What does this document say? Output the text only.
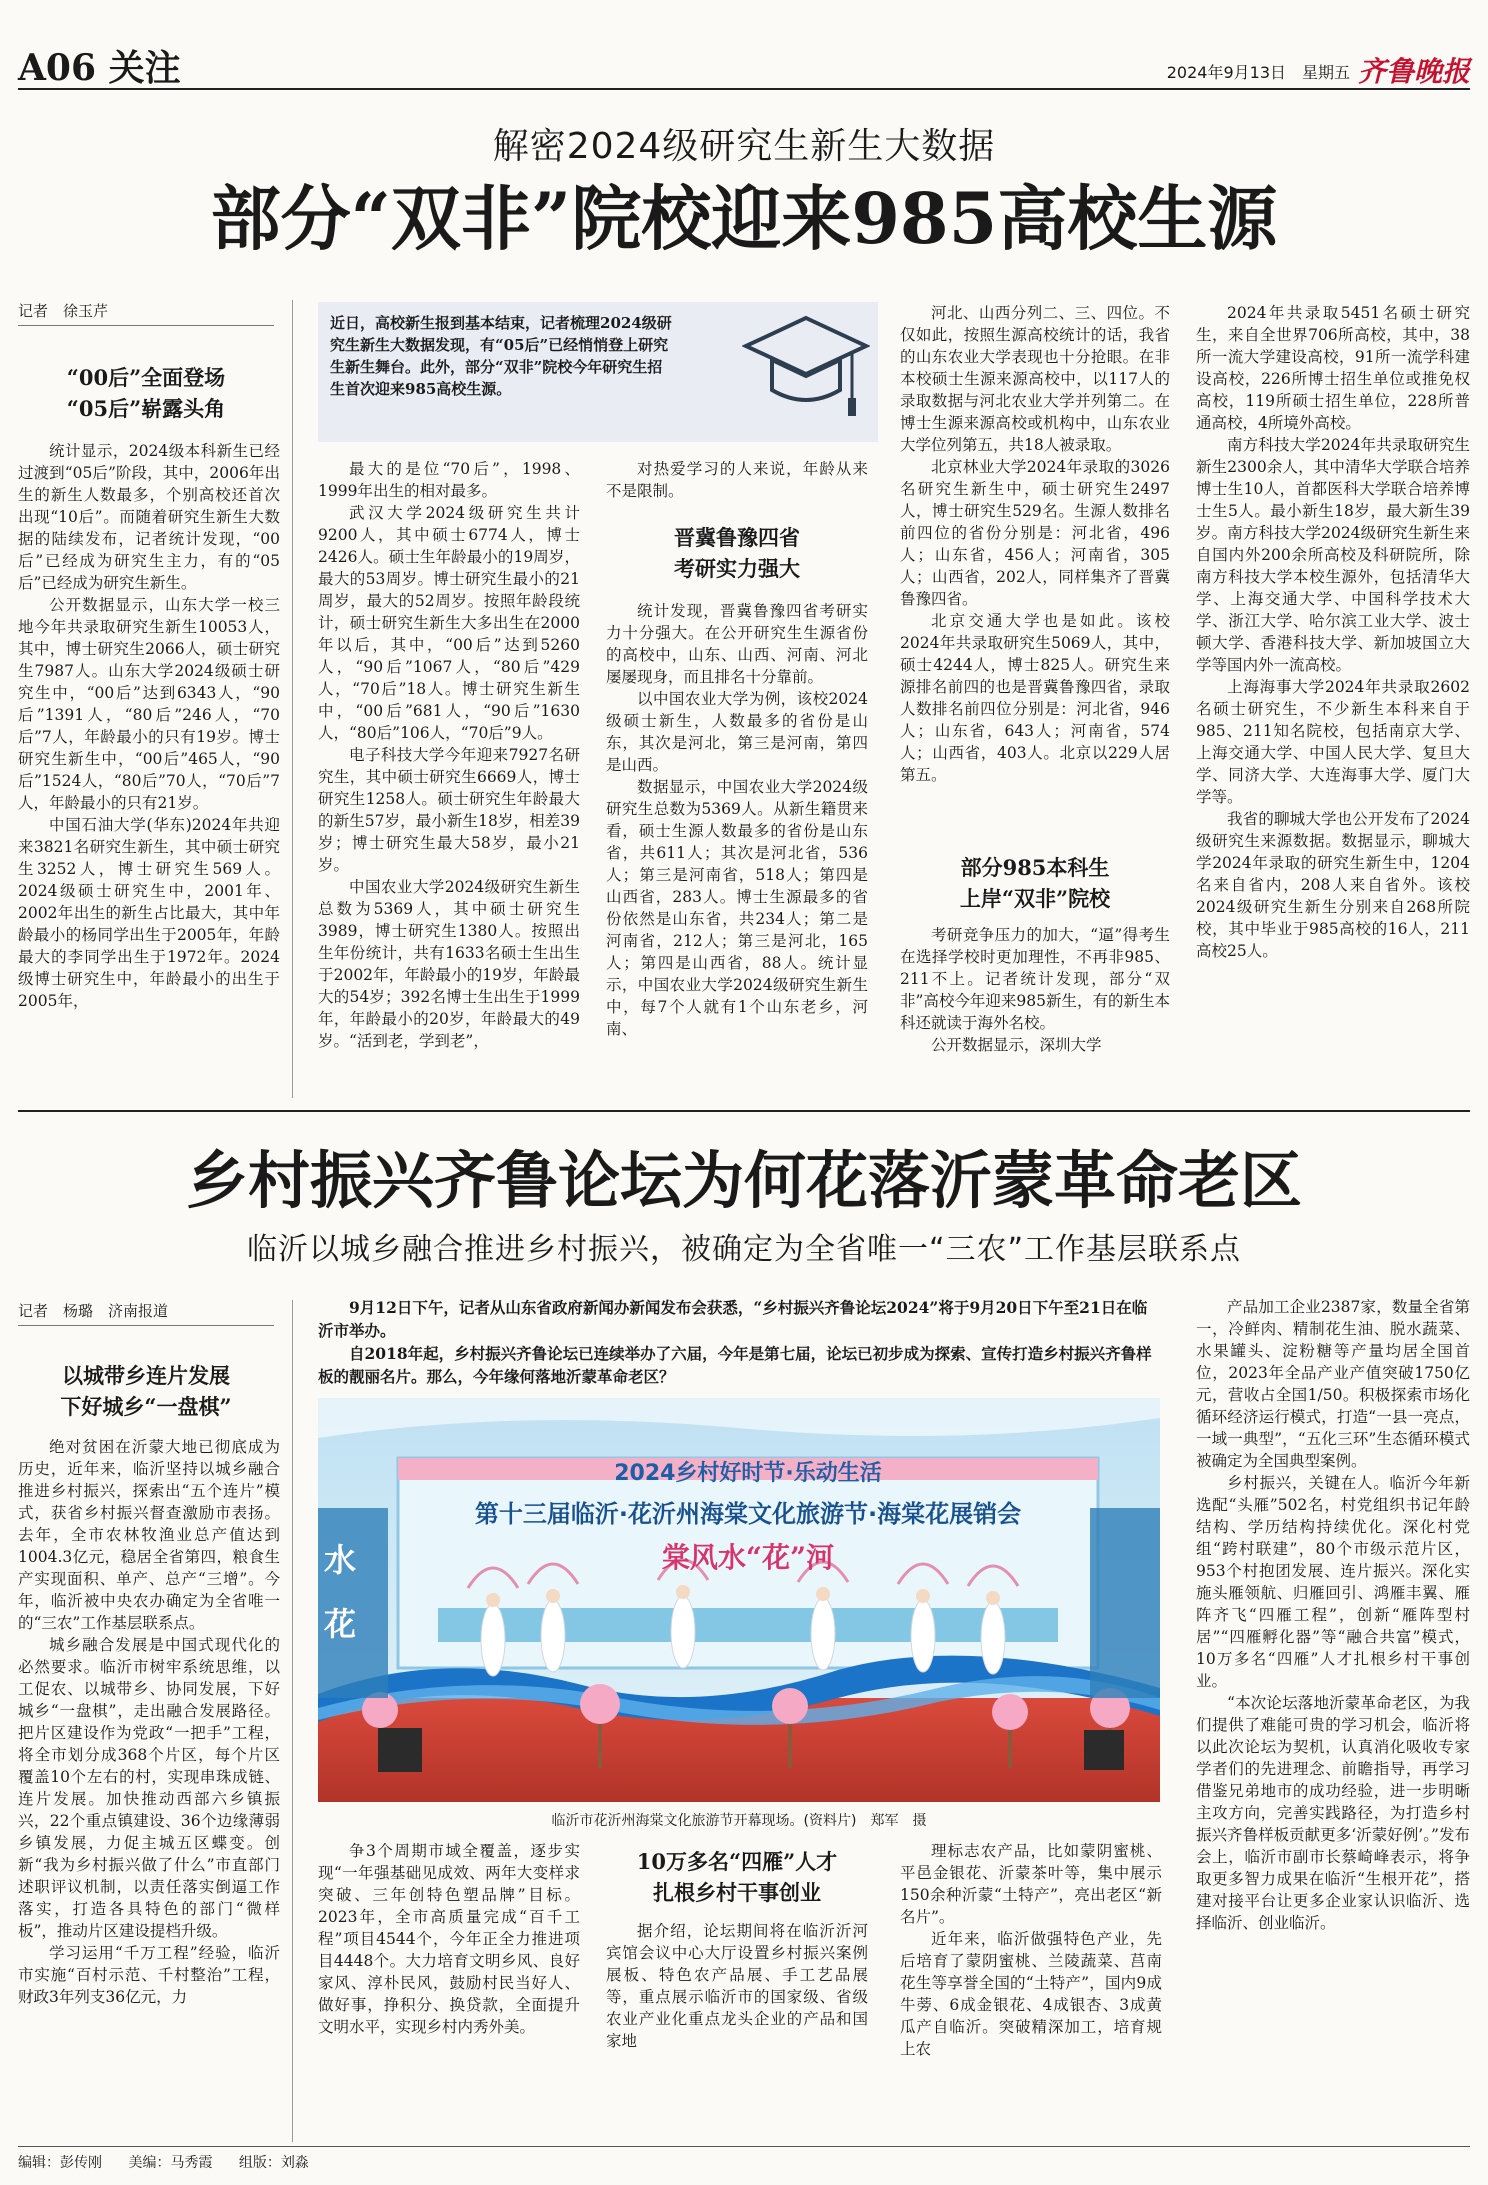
A06 关注	2024年9月13日　星期五 齐鲁晚报
解密2024级研究生新生大数据
部分“双非”院校迎来985高校生源
记者　徐玉芹
近日，高校新生报到基本结束，记者梳理2024级研究生新生大数据发现，有“05后”已经悄悄登上研究生新生舞台。此外，部分“双非”院校今年研究生招生首次迎来985高校生源。
“00后”全面登场
“05后”崭露头角

统计显示，2024级本科新生已经过渡到“05后”阶段，其中，2006年出生的新生人数最多，个别高校还首次出现“10后”。而随着研究生新生大数据的陆续发布，记者统计发现，“00后”已经成为研究生主力，有的“05后”已经成为研究生新生。

公开数据显示，山东大学一校三地今年共录取研究生新生10053人，其中，博士研究生2066人，硕士研究生7987人。山东大学2024级硕士研究生中，“00后”达到6343人，“90后”1391人，“80后”246人，“70后”7人，年龄最小的只有19岁。博士研究生新生中，“00后”465人，“90后”1524人，“80后”70人，“70后”7人，年龄最小的只有21岁。

中国石油大学(华东)2024年共迎来3821名研究生新生，其中硕士研究生3252人，博士研究生569人。2024级硕士研究生中，2001年、2002年出生的新生占比最大，其中年龄最小的杨同学出生于2005年，年龄最大的李同学出生于1972年。2024级博士研究生中，年龄最小的出生于2005年，

最大的是位“70后”，1998、1999年出生的相对最多。

武汉大学2024级研究生共计9200人，其中硕士6774人，博士2426人。硕士生年龄最小的19周岁，最大的53周岁。博士研究生最小的21周岁，最大的52周岁。按照年龄段统计，硕士研究生新生大多出生在2000年以后，其中，“00后”达到5260人，“90后”1067人，“80后”429人，“70后”18人。博士研究生新生中，“00后”681人，“90后”1630人，“80后”106人，“70后”9人。

电子科技大学今年迎来7927名研究生，其中硕士研究生6669人，博士研究生1258人。硕士研究生年龄最大的新生57岁，最小新生18岁，相差39岁；博士研究生最大58岁，最小21岁。

中国农业大学2024级研究生新生总数为5369人，其中硕士研究生3989，博士研究生1380人。按照出生年份统计，共有1633名硕士生出生于2002年，年龄最小的19岁，年龄最大的54岁；392名博士生出生于1999年，年龄最小的20岁，年龄最大的49岁。“活到老，学到老”，

对热爱学习的人来说，年龄从来不是限制。

晋冀鲁豫四省
考研实力强大

统计发现，晋冀鲁豫四省考研实力十分强大。在公开研究生生源省份的高校中，山东、山西、河南、河北屡屡现身，而且排名十分靠前。

以中国农业大学为例，该校2024级硕士新生，人数最多的省份是山东，其次是河北，第三是河南，第四是山西。

数据显示，中国农业大学2024级研究生总数为5369人。从新生籍贯来看，硕士生源人数最多的省份是山东省，共611人；其次是河北省，536人；第三是河南省，518人；第四是山西省，283人。博士生源最多的省份依然是山东省，共234人；第二是河南省，212人；第三是河北，165人；第四是山西省，88人。统计显示，中国农业大学2024级研究生新生中，每7个人就有1个山东老乡，河南、

河北、山西分列二、三、四位。不仅如此，按照生源高校统计的话，我省的山东农业大学表现也十分抢眼。在非本校硕士生源来源高校中，以117人的录取数据与河北农业大学并列第二。在博士生源来源高校或机构中，山东农业大学位列第五，共18人被录取。

北京林业大学2024年录取的3026名研究生新生中，硕士研究生2497人，博士研究生529名。生源人数排名前四位的省份分别是：河北省，496人；山东省，456人；河南省，305人；山西省，202人，同样集齐了晋冀鲁豫四省。

北京交通大学也是如此。该校2024年共录取研究生5069人，其中，硕士4244人，博士825人。研究生来源排名前四的也是晋冀鲁豫四省，录取人数排名前四位分别是：河北省，946人；山东省，643人；河南省，574人；山西省，403人。北京以229人居第五。

部分985本科生
上岸“双非”院校

考研竞争压力的加大，“逼”得考生在选择学校时更加理性，不再非985、211不上。记者统计发现，部分“双非”高校今年迎来985新生，有的新生本科还就读于海外名校。

公开数据显示，深圳大学

2024年共录取5451名硕士研究生，来自全世界706所高校，其中，38所一流大学建设高校，91所一流学科建设高校，226所博士招生单位或推免权高校，119所硕士招生单位，228所普通高校，4所境外高校。

南方科技大学2024年共录取研究生新生2300余人，其中清华大学联合培养博士生10人，首都医科大学联合培养博士生5人。最小新生18岁，最大新生39岁。南方科技大学2024级研究生新生来自国内外200余所高校及科研院所，除南方科技大学本校生源外，包括清华大学、上海交通大学、中国科学技术大学、浙江大学、哈尔滨工业大学、波士顿大学、香港科技大学、新加坡国立大学等国内外一流高校。

上海海事大学2024年共录取2602名硕士研究生，不少新生本科来自于985、211知名院校，包括南京大学、上海交通大学、中国人民大学、复旦大学、同济大学、大连海事大学、厦门大学等。

我省的聊城大学也公开发布了2024级研究生来源数据。数据显示，聊城大学2024年录取的研究生新生中，1204名来自省内，208人来自省外。该校2024级研究生新生分别来自268所院校，其中毕业于985高校的16人，211高校25人。

乡村振兴齐鲁论坛为何花落沂蒙革命老区
临沂以城乡融合推进乡村振兴，被确定为全省唯一“三农”工作基层联系点
记者　杨璐　济南报道
以城带乡连片发展
下好城乡“一盘棋”

绝对贫困在沂蒙大地已彻底成为历史，近年来，临沂坚持以城乡融合推进乡村振兴，探索出“五个连片”模式，获省乡村振兴督查激励市表扬。去年，全市农林牧渔业总产值达到1004.3亿元，稳居全省第四，粮食生产实现面积、单产、总产“三增”。今年，临沂被中央农办确定为全省唯一的“三农”工作基层联系点。

城乡融合发展是中国式现代化的必然要求。临沂市树牢系统思维，以工促农、以城带乡、协同发展，下好城乡“一盘棋”，走出融合发展路径。把片区建设作为党政“一把手”工程，将全市划分成368个片区，每个片区覆盖10个左右的村，实现串珠成链、连片发展。加快推动西部六乡镇振兴，22个重点镇建设、36个边缘薄弱乡镇发展，力促主城五区蝶变。创新“我为乡村振兴做了什么”市直部门述职评议机制，以责任落实倒逼工作落实，打造各具特色的部门“微样板”，推动片区建设提档升级。

学习运用“千万工程”经验，临沂市实施“百村示范、千村整治”工程，财政3年列支36亿元，力

9月12日下午，记者从山东省政府新闻办新闻发布会获悉，“乡村振兴齐鲁论坛2024”将于9月20日下午至21日在临沂市举办。

自2018年起，乡村振兴齐鲁论坛已连续举办了六届，今年是第七届，论坛已初步成为探索、宣传打造乡村振兴齐鲁样板的靓丽名片。那么，今年缘何落地沂蒙革命老区？

2024乡村好时节·乐动生活
第十三届临沂·花沂州海棠文化旅游节·海棠花展销会
棠风水“花”河
水花
临沂市花沂州海棠文化旅游节开幕现场。(资料片)　郑军　摄

争3个周期市域全覆盖，逐步实现“一年强基础见成效、两年大变样求突破、三年创特色塑品牌”目标。2023年，全市高质量完成“百千工程”项目4544个，今年正全力推进项目4448个。大力培育文明乡风、良好家风、淳朴民风，鼓励村民当好人、做好事，挣积分、换贷款，全面提升文明水平，实现乡村内秀外美。

10万多名“四雁”人才
扎根乡村干事创业

据介绍，论坛期间将在临沂沂河宾馆会议中心大厅设置乡村振兴案例展板、特色农产品展、手工艺品展等，重点展示临沂市的国家级、省级农业产业化重点龙头企业的产品和国家地

理标志农产品，比如蒙阴蜜桃、平邑金银花、沂蒙茶叶等，集中展示150余种沂蒙“土特产”，亮出老区“新名片”。

近年来，临沂做强特色产业，先后培育了蒙阴蜜桃、兰陵蔬菜、莒南花生等享誉全国的“土特产”，国内9成牛蒡、6成金银花、4成银杏、3成黄瓜产自临沂。突破精深加工，培育规上农

产品加工企业2387家，数量全省第一，冷鲜肉、精制花生油、脱水蔬菜、水果罐头、淀粉糖等产量均居全国首位，2023年全品产业产值突破1750亿元，营收占全国1/50。积极探索市场化循环经济运行模式，打造“一县一亮点，一域一典型”，“五化三环”生态循环模式被确定为全国典型案例。

乡村振兴，关键在人。临沂今年新选配“头雁”502名，村党组织书记年龄结构、学历结构持续优化。深化村党组“跨村联建”，80个市级示范片区，953个村抱团发展、连片振兴。深化实施头雁领航、归雁回引、鸿雁丰翼、雁阵齐飞“四雁工程”，创新“雁阵型村居”“四雁孵化器”等“融合共富”模式，10万多名“四雁”人才扎根乡村干事创业。

“本次论坛落地沂蒙革命老区，为我们提供了难能可贵的学习机会，临沂将以此次论坛为契机，认真消化吸收专家学者们的先进理念、前瞻指导，再学习借鉴兄弟地市的成功经验，进一步明晰主攻方向，完善实践路径，为打造乡村振兴齐鲁样板贡献更多‘沂蒙好例’。”发布会上，临沂市副市长蔡崎峰表示，将争取更多智力成果在临沂“生根开花”，搭建对接平台让更多企业家认识临沂、选择临沂、创业临沂。

编辑：彭传刚 美编：马秀霞 组版：刘淼
